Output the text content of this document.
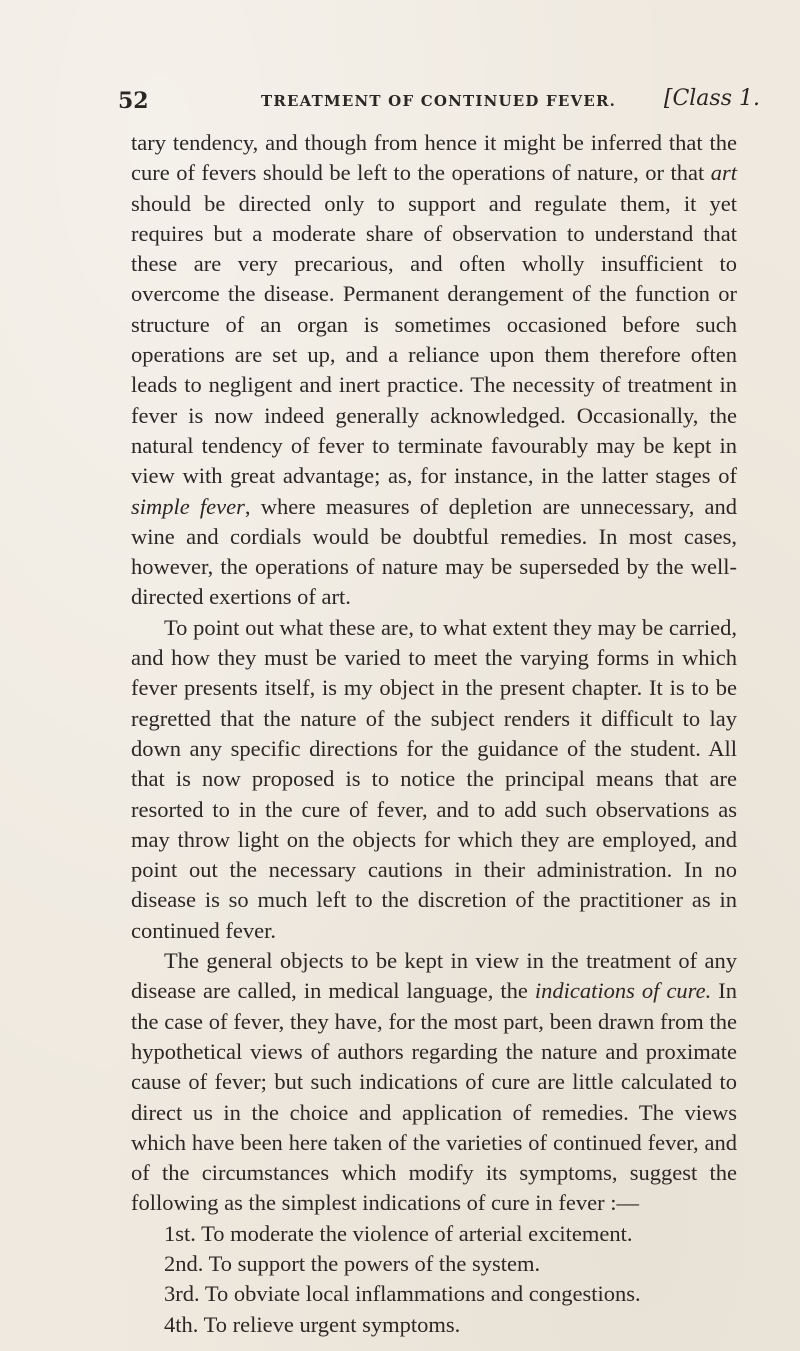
52	TREATMENT OF CONTINUED FEVER. [Class 1.

tary tendency, and though from hence it might be inferred that the cure of fevers should be left to the operations of nature, or that art should be directed only to support and regulate them, it yet requires but a moderate share of observation to understand that these are very precarious, and often wholly insufficient to overcome the disease. Permanent derangement of the function or structure of an organ is sometimes occasioned before such operations are set up, and a reliance upon them therefore often leads to negligent and inert practice. The necessity of treatment in fever is now indeed generally acknowledged. Occasionally, the natural tendency of fever to terminate favourably may be kept in view with great advantage; as, for instance, in the latter stages of simple fever, where measures of depletion are unnecessary, and wine and cordials would be doubtful remedies. In most cases, however, the operations of nature may be superseded by the well-directed exertions of art.

To point out what these are, to what extent they may be carried, and how they must be varied to meet the varying forms in which fever presents itself, is my object in the present chapter. It is to be regretted that the nature of the subject renders it difficult to lay down any specific directions for the guidance of the student. All that is now proposed is to notice the principal means that are resorted to in the cure of fever, and to add such observations as may throw light on the objects for which they are employed, and point out the necessary cautions in their administration. In no disease is so much left to the discretion of the practitioner as in continued fever.

The general objects to be kept in view in the treatment of any disease are called, in medical language, the indications of cure. In the case of fever, they have, for the most part, been drawn from the hypothetical views of authors regarding the nature and proximate cause of fever; but such indications of cure are little calculated to direct us in the choice and application of remedies. The views which have been here taken of the varieties of continued fever, and of the circumstances which modify its symptoms, suggest the following as the simplest indications of cure in fever :—

1st. To moderate the violence of arterial excitement.
2nd. To support the powers of the system.
3rd. To obviate local inflammations and congestions.
4th. To relieve urgent symptoms.
